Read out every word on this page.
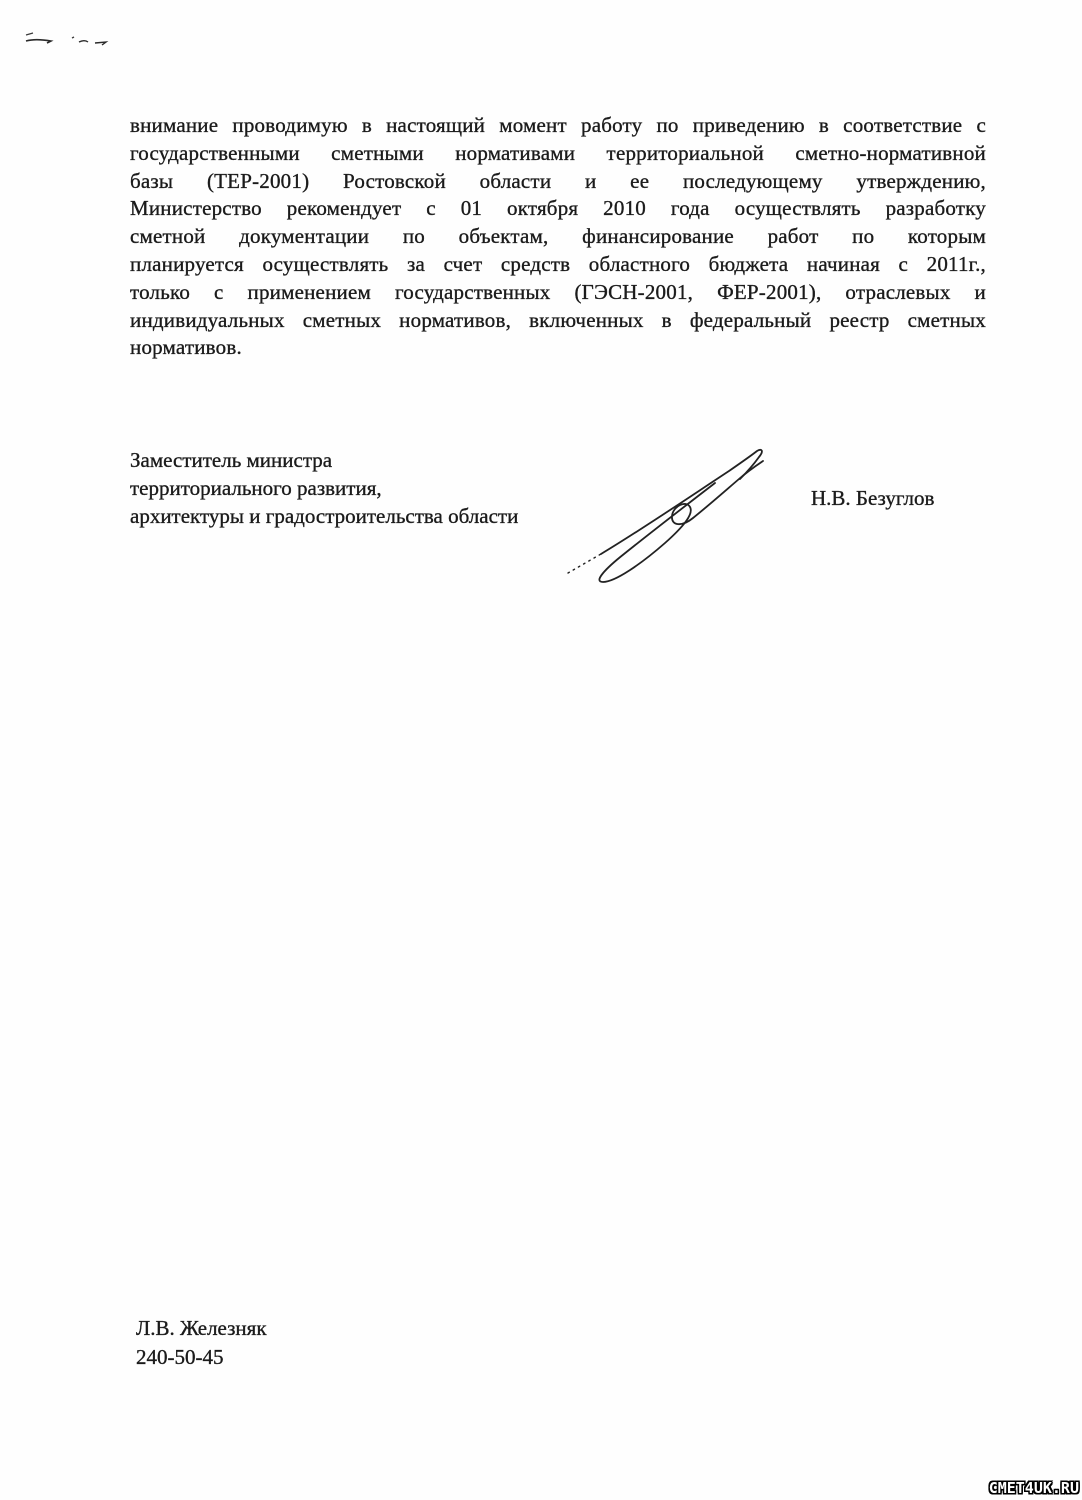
внимание проводимую в настоящий момент работу по приведению в соответствие с
государственными сметными нормативами территориальной сметно-нормативной
базы (ТЕР-2001) Ростовской области и ее последующему утверждению,
Министерство рекомендует с 01 октября 2010 года осуществлять разработку
сметной документации по объектам, финансирование работ по которым
планируется осуществлять за счет средств областного бюджета начиная с 2011г.,
только с применением государственных (ГЭСН-2001, ФЕР-2001), отраслевых и
индивидуальных сметных нормативов, включенных в федеральный реестр сметных
нормативов.
Заместитель министра
территориального развития,
архитектуры и градостроительства области
Н.В. Безуглов
Л.В. Железняк
240-50-45
CMET4UK.RU
